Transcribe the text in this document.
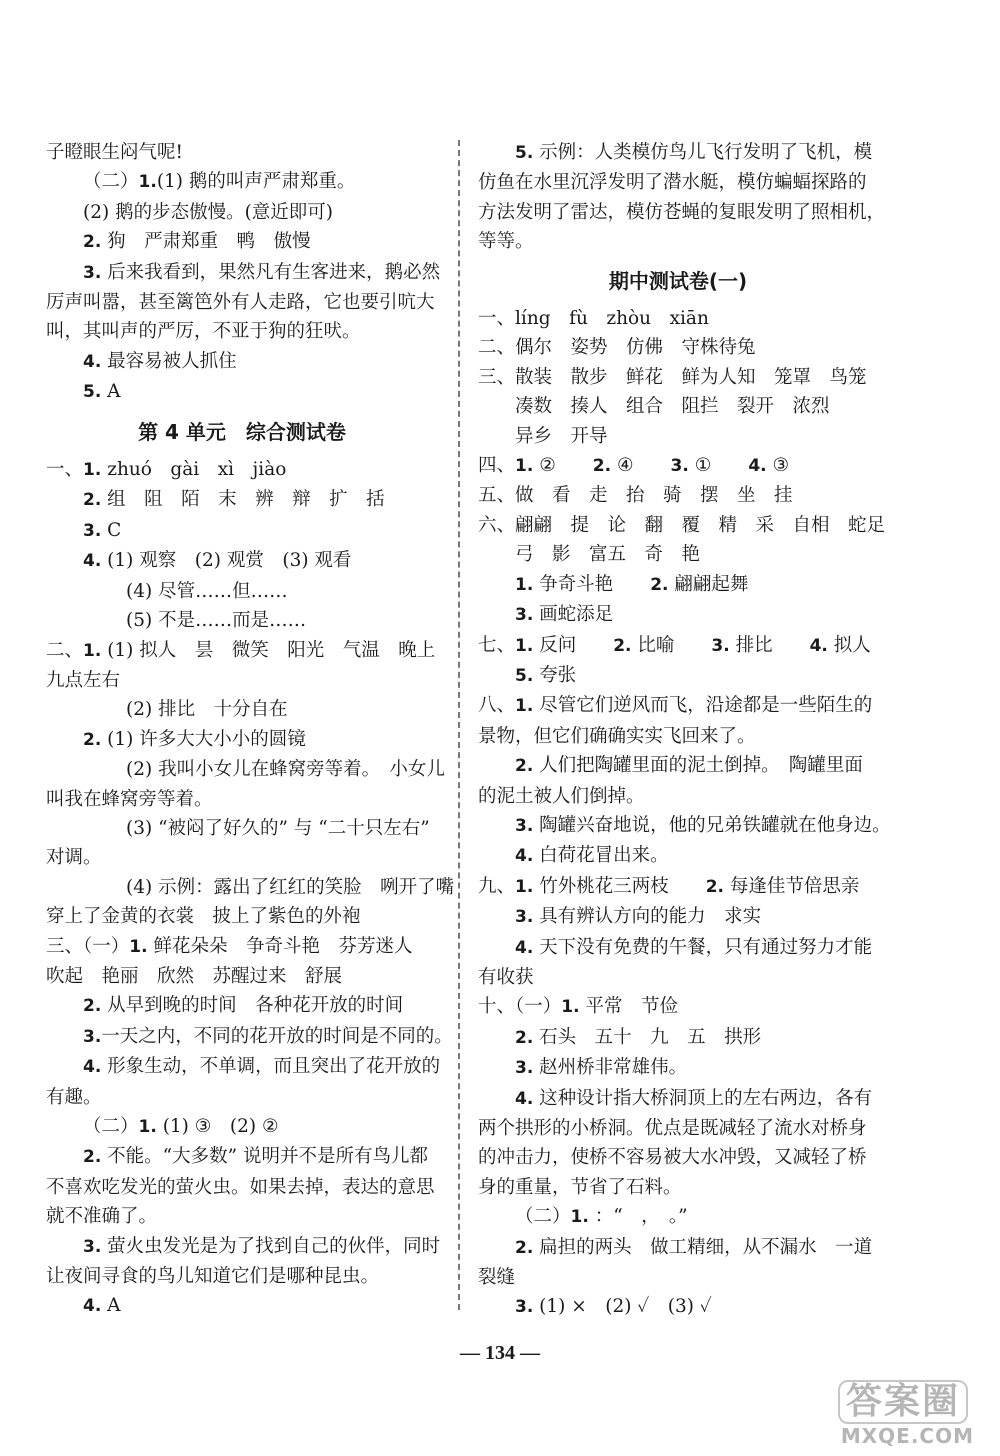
子瞪眼生闷气呢!
（二）1.(1) 鹅的叫声严肃郑重。
(2) 鹅的步态傲慢。(意近即可)
2. 狗　严肃郑重　鸭　傲慢
3. 后来我看到，果然凡有生客进来，鹅必然
厉声叫嚣，甚至篱笆外有人走路，它也要引吭大
叫，其叫声的严厉，不亚于狗的狂吠。
4. 最容易被人抓住
5. A
第 4 单元　综合测试卷
一、1. zhuó　gài　xì　jiào
2. 组　阻　陌　末　辨　辩　扩　括
3. C
4. (1) 观察　(2) 观赏　(3) 观看
(4) 尽管……但……
(5) 不是……而是……
二、1. (1) 拟人　昙　微笑　阳光　气温　晚上
九点左右
(2) 排比　十分自在
2. (1) 许多大大小小的圆镜
(2) 我叫小女儿在蜂窝旁等着。　小女儿
叫我在蜂窝旁等着。
(3) “被闷了好久的” 与 “二十只左右”
对调。
(4) 示例：露出了红红的笑脸　咧开了嘴
穿上了金黄的衣裳　披上了紫色的外袍
三、（一）1. 鲜花朵朵　争奇斗艳　芬芳迷人
吹起　艳丽　欣然　苏醒过来　舒展
2. 从早到晚的时间　各种花开放的时间
3.一天之内，不同的花开放的时间是不同的。
4. 形象生动，不单调，而且突出了花开放的
有趣。
（二）1. (1) ③　(2) ②
2. 不能。“大多数” 说明并不是所有鸟儿都
不喜欢吃发光的萤火虫。如果去掉，表达的意思
就不准确了。
3. 萤火虫发光是为了找到自己的伙伴，同时
让夜间寻食的鸟儿知道它们是哪种昆虫。
4. A
5. 示例：人类模仿鸟儿飞行发明了飞机，模
仿鱼在水里沉浮发明了潜水艇，模仿蝙蝠探路的
方法发明了雷达，模仿苍蝇的复眼发明了照相机，
等等。
期中测试卷(一)
一、líng　fù　zhòu　xiān
二、偶尔　姿势　仿佛　守株待兔
三、散装　散步　鲜花　鲜为人知　笼罩　鸟笼
凑数　揍人　组合　阻拦　裂开　浓烈
异乡　开导
四、1. ②　　2. ④　　3. ①　　4. ③
五、做　看　走　抬　骑　摆　坐　挂
六、翩翩　提　论　翻　覆　精　采　自相　蛇足
弓　影　富五　奇　艳
1. 争奇斗艳　　2. 翩翩起舞
3. 画蛇添足
七、1. 反问　　2. 比喻　　3. 排比　　4. 拟人
5. 夸张
八、1. 尽管它们逆风而飞，沿途都是一些陌生的
景物，但它们确确实实飞回来了。
2. 人们把陶罐里面的泥土倒掉。　陶罐里面
的泥土被人们倒掉。
3. 陶罐兴奋地说，他的兄弟铁罐就在他身边。
4. 白荷花冒出来。
九、1. 竹外桃花三两枝　　2. 每逢佳节倍思亲
3. 具有辨认方向的能力　求实
4. 天下没有免费的午餐，只有通过努力才能
有收获
十、（一）1. 平常　节俭
2. 石头　五十　九　五　拱形
3. 赵州桥非常雄伟。
4. 这种设计指大桥洞顶上的左右两边，各有
两个拱形的小桥洞。优点是既减轻了流水对桥身
的冲击力，使桥不容易被大水冲毁，又减轻了桥
身的重量，节省了石料。
（二）1. ：“　，　。”
2. 扁担的两头　做工精细，从不漏水　一道
裂缝
3. (1) ×　(2) ✓　(3) ✓
— 134 —
答案圈
MXQE.COM
